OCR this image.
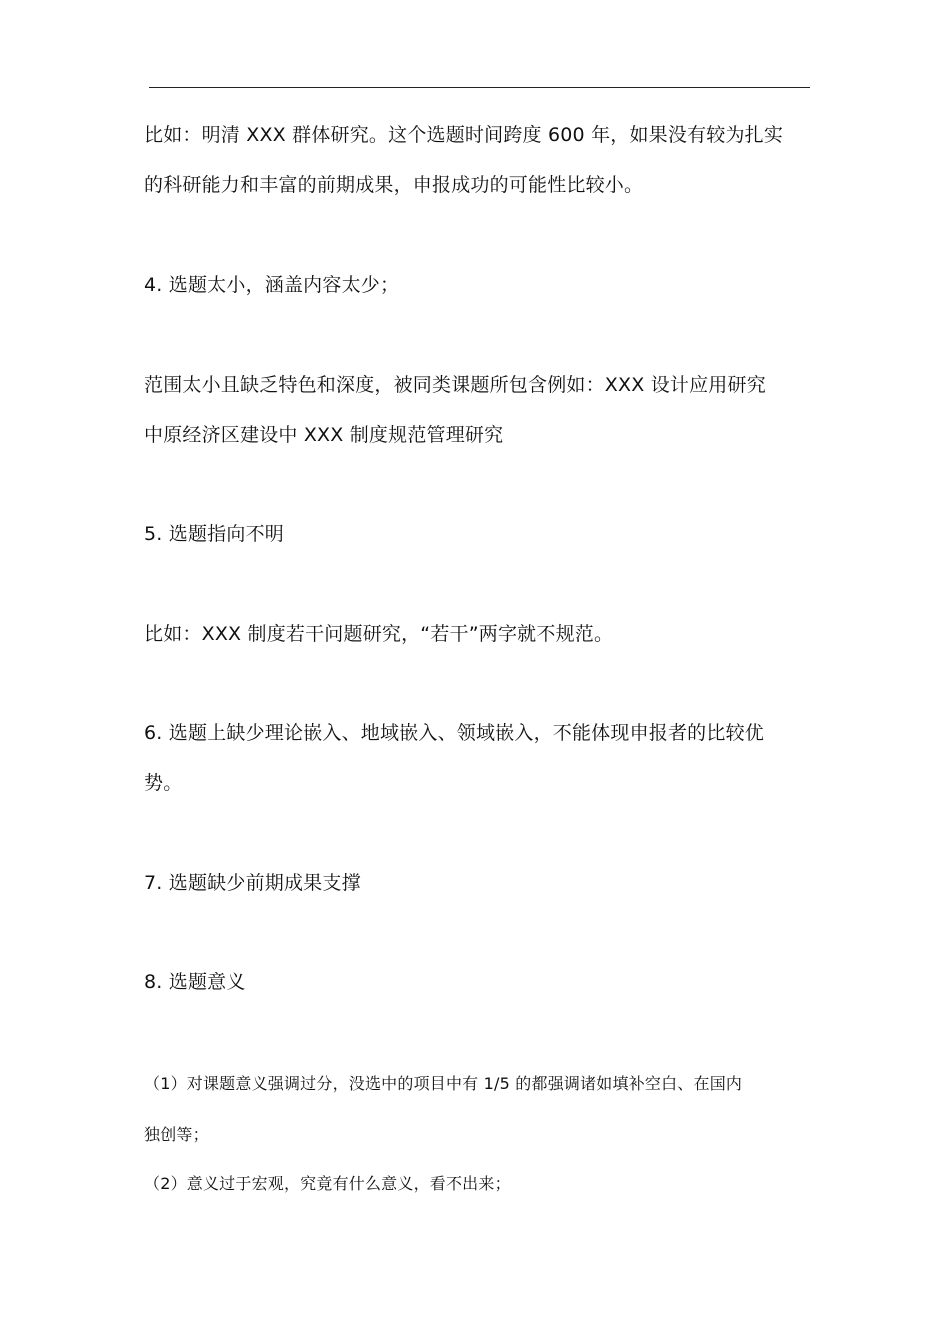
比如：明清 XXX 群体研究。这个选题时间跨度 600 年，如果没有较为扎实
的科研能力和丰富的前期成果，申报成功的可能性比较小。
4. 选题太小，涵盖内容太少；
范围太小且缺乏特色和深度，被同类课题所包含例如：XXX 设计应用研究
中原经济区建设中 XXX 制度规范管理研究
5. 选题指向不明
比如：XXX 制度若干问题研究，“若干”两字就不规范。
6. 选题上缺少理论嵌入、地域嵌入、领域嵌入，不能体现申报者的比较优
势。
7. 选题缺少前期成果支撑
8. 选题意义
（1）对课题意义强调过分，没选中的项目中有 1/5 的都强调诸如填补空白、在国内
独创等；
（2）意义过于宏观，究竟有什么意义，看不出来；
